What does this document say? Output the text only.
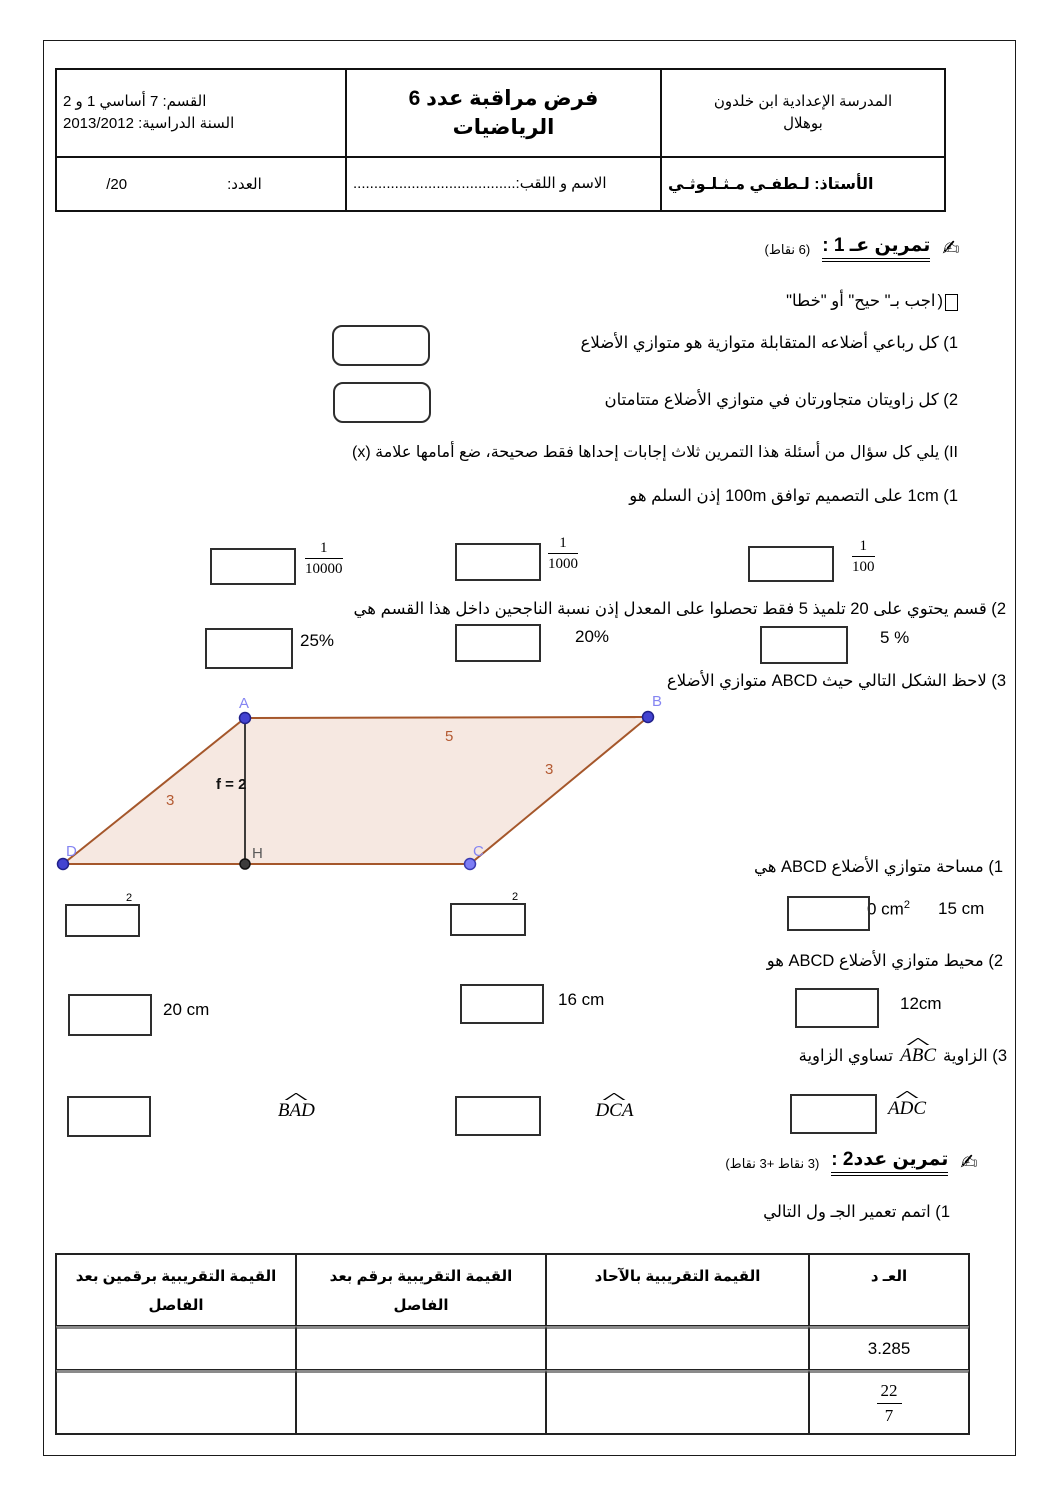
المدرسة الإعدادية ابن خلدون
بوهلال
فرض مراقبة عدد 6
الرياضيات
القسم: 7 أساسي 1 و 2
السنة الدراسية: 2013/2012
الأستاذ: لـطفـي مـثـلـوثـي
الاسم و اللقب:.......................................
العدد:
/20
✍
تمرين عـ 1 :
(6 نقاط)
)
اجب بـ" حيح" أو "خطا"
1) كل رباعي أضلاعه المتقابلة متوازية هو متوازي الأضلاع
2) كل زاويتان متجاورتان في متوازي الأضلاع متتامتان
II) يلي كل سؤال من أسئلة هذا التمرين ثلاث إجابات إحداها فقط صحيحة، ضع أمامها علامة (x)
1) 1cm على التصميم توافق 100m إذن السلم هو
$\frac{1}{100}$
$\frac{1}{1000}$
$\frac{1}{10000}$
2) قسم يحتوي على 20 تلميذ 5 فقط تحصلوا على المعدل إذن نسبة الناجحين داخل هذا القسم هي
5 %
20%
25%
3) لاحظ الشكل التالي حيث ABCD متوازي الأضلاع
A	B
C
D	H
5
3
3
f = 2
1) مساحة متوازي الأضلاع ABCD هي
15 cm
0 $cm^2$
2
2
2) محيط متوازي الأضلاع ABCD هو
12cm
16 cm
20 cm
3) الزاوية
^ ABC
تساوي الزاوية
^ ADC
^ DCA
^ BAD
✍
تمرين عدد2 :
(3 نقاط +3 نقاط)
1) اتمم تعمير الجـ ول التالي
العـ د
القيمة التقريبية بالآحاد
القيمة التقريبية برقم بعد الفاصل
القيمة التقريبية برقمين بعد الفاصل
3.285
$\frac{22}{7}$
